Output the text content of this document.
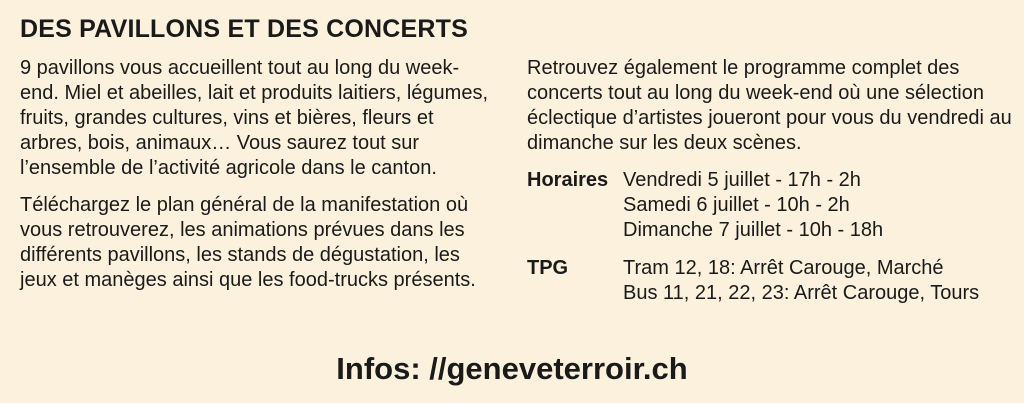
DES PAVILLONS ET DES CONCERTS

9 pavillons vous accueillent tout au long du week-end. Miel et abeilles, lait et produits laitiers, légumes, fruits, grandes cultures, vins et bières, fleurs et arbres, bois, animaux… Vous saurez tout sur l’ensemble de l’activité agricole dans le canton.

Téléchargez le plan général de la manifestation où vous retrouverez, les animations prévues dans les différents pavillons, les stands de dégustation, les jeux et manèges ainsi que les food-trucks présents.

Retrouvez également le programme complet des concerts tout au long du week-end où une sélection éclectique d’artistes joueront pour vous du vendredi au dimanche sur les deux scènes.

Horaires Vendredi 5 juillet - 17h - 2h
Samedi 6 juillet - 10h - 2h
Dimanche 7 juillet - 10h - 18h
TPG	Tram 12, 18: Arrêt Carouge, Marché
Bus 11, 21, 22, 23: Arrêt Carouge, Tours
Infos: //geneveterroir.ch
